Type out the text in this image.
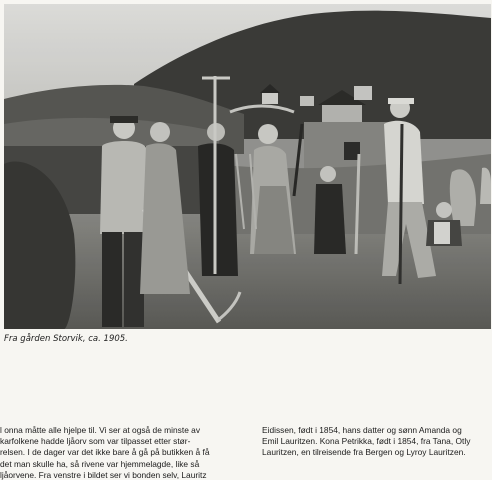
Fra gården Storvik, ca. 1905.
l onna måtte alle hjelpe til. Vi ser at også de minste av
karfolkene hadde ljåorv som var tilpasset etter stør-
relsen. I de dager var det ikke bare å gå på butikken å få
det man skulle ha, så rivene var hjemmelagde, like så
ljåorvene. Fra venstre i bildet ser vi bonden selv, Lauritz
Eidissen, født i 1854, hans datter og sønn Amanda og
Emil Lauritzen. Kona Petrikka, født i 1854, fra Tana, Otly
Lauritzen, en tilreisende fra Bergen og Lyroy Lauritzen.
